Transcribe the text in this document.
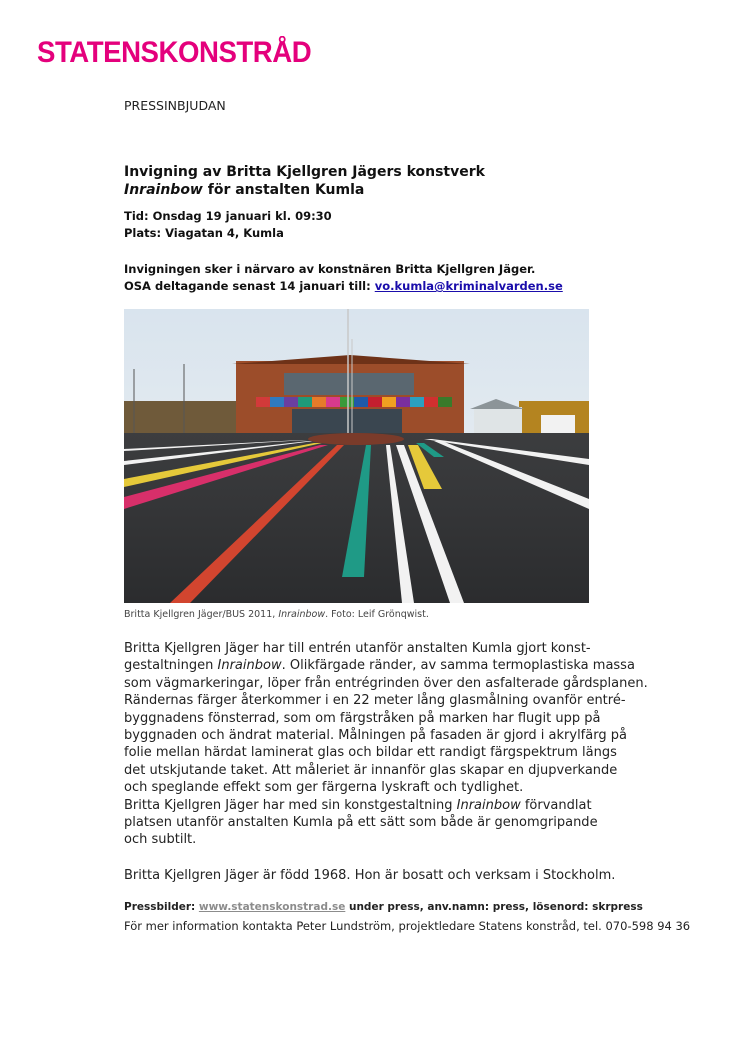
STATENSKONSTRÅD
PRESSINBJUDAN
Invigning av Britta Kjellgren Jägers konstverk
Inrainbow för anstalten Kumla
Tid: Onsdag 19 januari kl. 09:30
Plats: Viagatan 4, Kumla
Invigningen sker i närvaro av konstnären Britta Kjellgren Jäger.
OSA deltagande senast 14 januari till: vo.kumla@kriminalvarden.se
Britta Kjellgren Jäger/BUS 2011, Inrainbow. Foto: Leif Grönqwist.

Britta Kjellgren Jäger har till entrén utanför anstalten Kumla gjort konst-
gestaltningen Inrainbow. Olikfärgade ränder, av samma termoplastiska massa
som vägmarkeringar, löper från entrégrinden över den asfalterade gårdsplanen.
Rändernas färger återkommer i en 22 meter lång glasmålning ovanför entré-
byggnadens fönsterrad, som om färgstråken på marken har flugit upp på
byggnaden och ändrat material. Målningen på fasaden är gjord i akrylfärg på
folie mellan härdat laminerat glas och bildar ett randigt färgspektrum längs
det utskjutande taket. Att måleriet är innanför glas skapar en djupverkande
och speglande effekt som ger färgerna lyskraft och tydlighet.
Britta Kjellgren Jäger har med sin konstgestaltning Inrainbow förvandlat
platsen utanför anstalten Kumla på ett sätt som både är genomgripande
och subtilt.

Britta Kjellgren Jäger är född 1968. Hon är bosatt och verksam i Stockholm.
Pressbilder: www.statenskonstrad.se under press, anv.namn: press, lösenord: skrpress
För mer information kontakta Peter Lundström, projektledare Statens konstråd, tel. 070-598 94 36
